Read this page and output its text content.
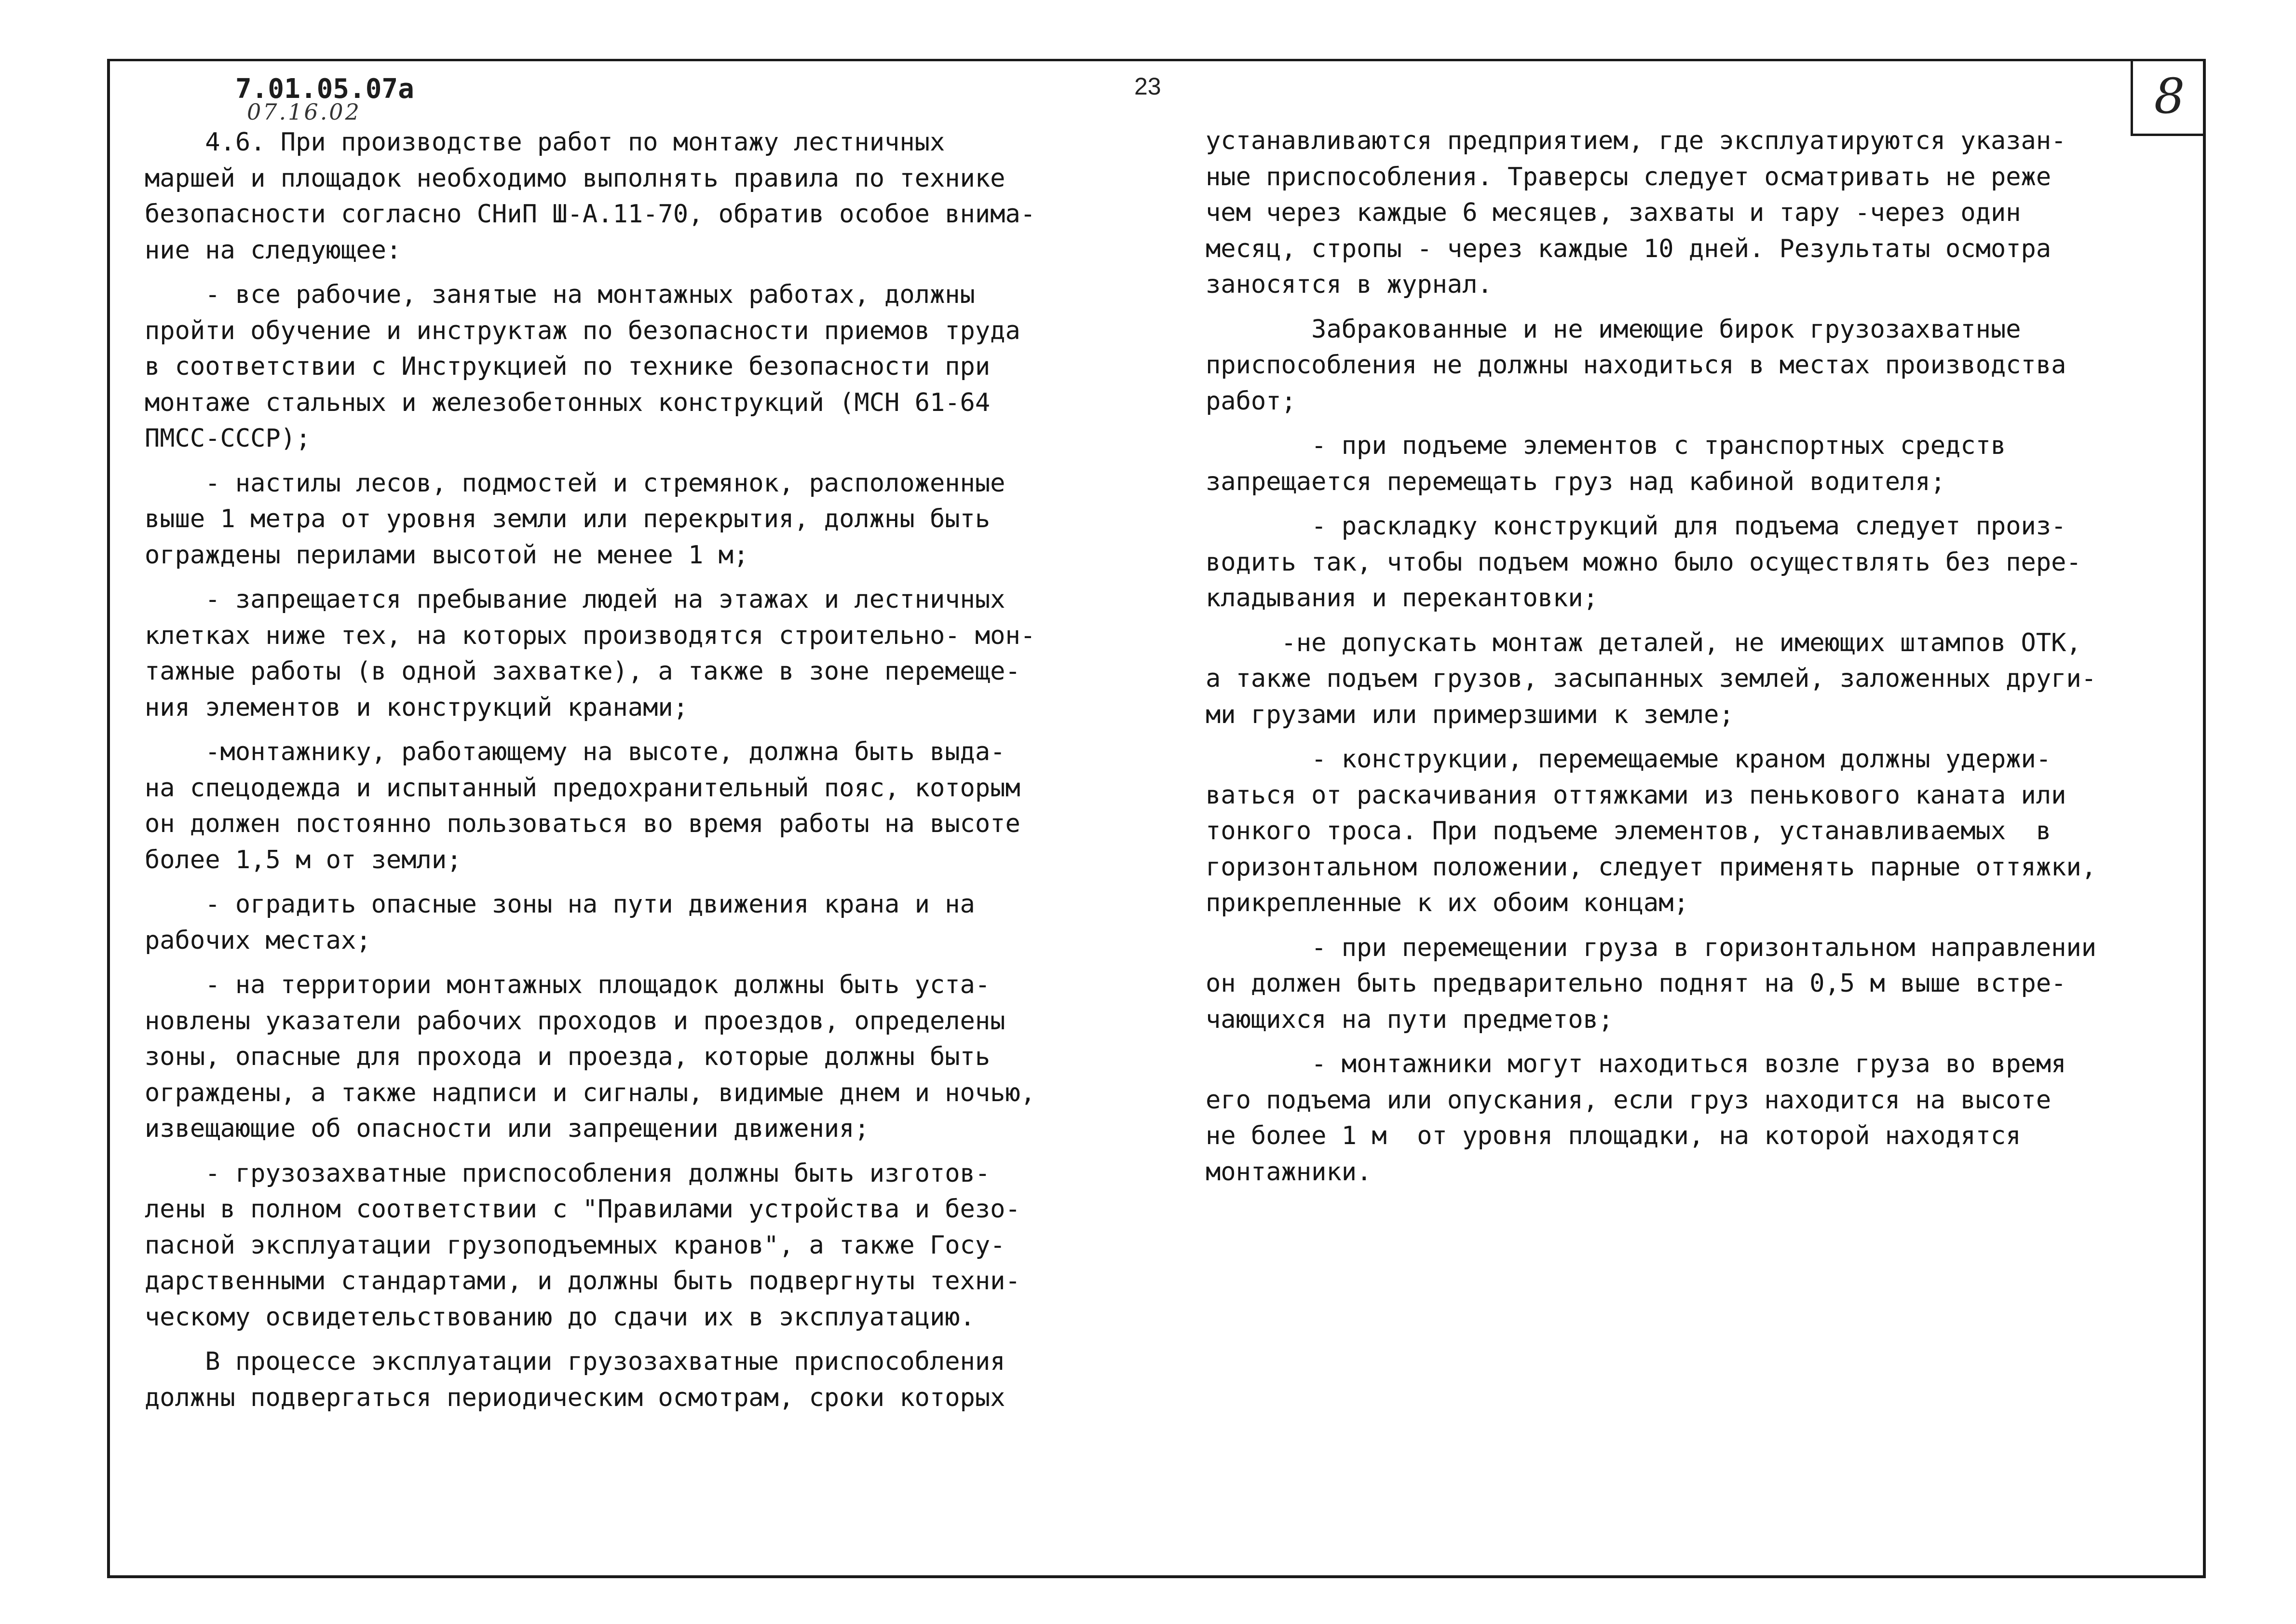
8
7.01.05.07а
07.16.02
23
4.6. При производстве работ по монтажу лестничных
маршей и площадок необходимо выполнять правила по технике
безопасности согласно СНиП Ш-А.11-70, обратив особое внима-
ние на следующее:
- все рабочие, занятые на монтажных работах, должны
пройти обучение и инструктаж по безопасности приемов труда
в соответствии с Инструкцией по технике безопасности при
монтаже стальных и железобетонных конструкций (МСН 61-64
ПМСС-СССР);
- настилы лесов, подмостей и стремянок, расположенные
выше 1 метра от уровня земли или перекрытия, должны быть
ограждены перилами высотой не менее 1 м;
- запрещается пребывание людей на этажах и лестничных
клетках ниже тех, на которых производятся строительно- мон-
тажные работы (в одной захватке), а также в зоне перемеще-
ния элементов и конструкций кранами;
-монтажнику, работающему на высоте, должна быть выда-
на спецодежда и испытанный предохранительный пояс, которым
он должен постоянно пользоваться во время работы на высоте
более 1,5 м от земли;
- оградить опасные зоны на пути движения крана и на
рабочих местах;
- на территории монтажных площадок должны быть уста-
новлены указатели рабочих проходов и проездов, определены
зоны, опасные для прохода и проезда, которые должны быть
ограждены, а также надписи и сигналы, видимые днем и ночью,
извещающие об опасности или запрещении движения;
- грузозахватные приспособления должны быть изготов-
лены в полном соответствии с "Правилами устройства и безо-
пасной эксплуатации грузоподъемных кранов", а также Госу-
дарственными стандартами, и должны быть подвергнуты техни-
ческому освидетельствованию до сдачи их в эксплуатацию.
В процессе эксплуатации грузозахватные приспособления
должны подвергаться периодическим осмотрам, сроки которых
устанавливаются предприятием, где эксплуатируются указан-
ные приспособления. Траверсы следует осматривать не реже
чем через каждые 6 месяцев, захваты и тару -через один
месяц, стропы - через каждые 10 дней. Результаты осмотра
заносятся в журнал.
Забракованные и не имеющие бирок грузозахватные
приспособления не должны находиться в местах производства
работ;
- при подъеме элементов с транспортных средств
запрещается перемещать груз над кабиной водителя;
- раскладку конструкций для подъема следует произ-
водить так, чтобы подъем можно было осуществлять без пере-
кладывания и перекантовки;
-не допускать монтаж деталей, не имеющих штампов ОТК,
а также подъем грузов, засыпанных землей, заложенных други-
ми грузами или примерзшими к земле;
- конструкции, перемещаемые краном должны удержи-
ваться от раскачивания оттяжками из пенькового каната или
тонкого троса. При подъеме элементов, устанавливаемых  в
горизонтальном положении, следует применять парные оттяжки,
прикрепленные к их обоим концам;
- при перемещении груза в горизонтальном направлении
он должен быть предварительно поднят на 0,5 м выше встре-
чающихся на пути предметов;
- монтажники могут находиться возле груза во время
его подъема или опускания, если груз находится на высоте
не более 1 м  от уровня площадки, на которой находятся
монтажники.
